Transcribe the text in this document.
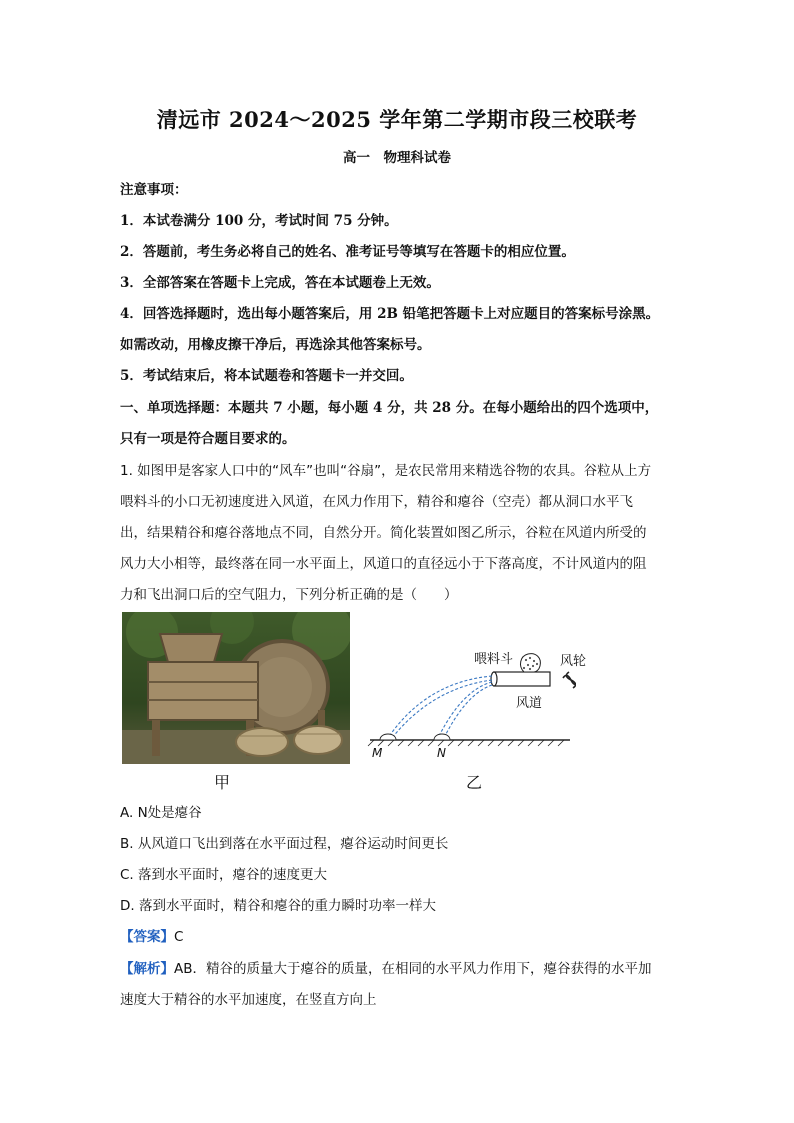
清远市 2024～2025 学年第二学期市段三校联考
高一　物理科试卷
注意事项：
1．本试卷满分 100 分，考试时间 75 分钟。
2．答题前，考生务必将自己的姓名、准考证号等填写在答题卡的相应位置。
3．全部答案在答题卡上完成，答在本试题卷上无效。
4．回答选择题时，选出每小题答案后，用 2B 铅笔把答题卡上对应题目的答案标号涂黑。
如需改动，用橡皮擦干净后，再选涂其他答案标号。
5．考试结束后，将本试题卷和答题卡一并交回。
一、单项选择题：本题共 7 小题，每小题 4 分，共 28 分。在每小题给出的四个选项中，
只有一项是符合题目要求的。
1. 如图甲是客家人口中的“风车”也叫“谷扇”，是农民常用来精选谷物的农具。谷粒从上方
喂料斗的小口无初速度进入风道，在风力作用下，精谷和瘪谷（空壳）都从洞口水平飞
出，结果精谷和瘪谷落地点不同，自然分开。简化装置如图乙所示，谷粒在风道内所受的
风力大小相等，最终落在同一水平面上，风道口的直径远小于下落高度，不计风道内的阻
力和飞出洞口后的空气阻力，下列分析正确的是（　　）
甲
喂料斗	风轮
风道
M	N
乙
A. N处是瘪谷
B. 从风道口飞出到落在水平面过程，瘪谷运动时间更长
C. 落到水平面时，瘪谷的速度更大
D. 落到水平面时，精谷和瘪谷的重力瞬时功率一样大
【答案】C
【解析】AB．精谷的质量大于瘪谷的质量，在相同的水平风力作用下，瘪谷获得的水平加
速度大于精谷的水平加速度，在竖直方向上
